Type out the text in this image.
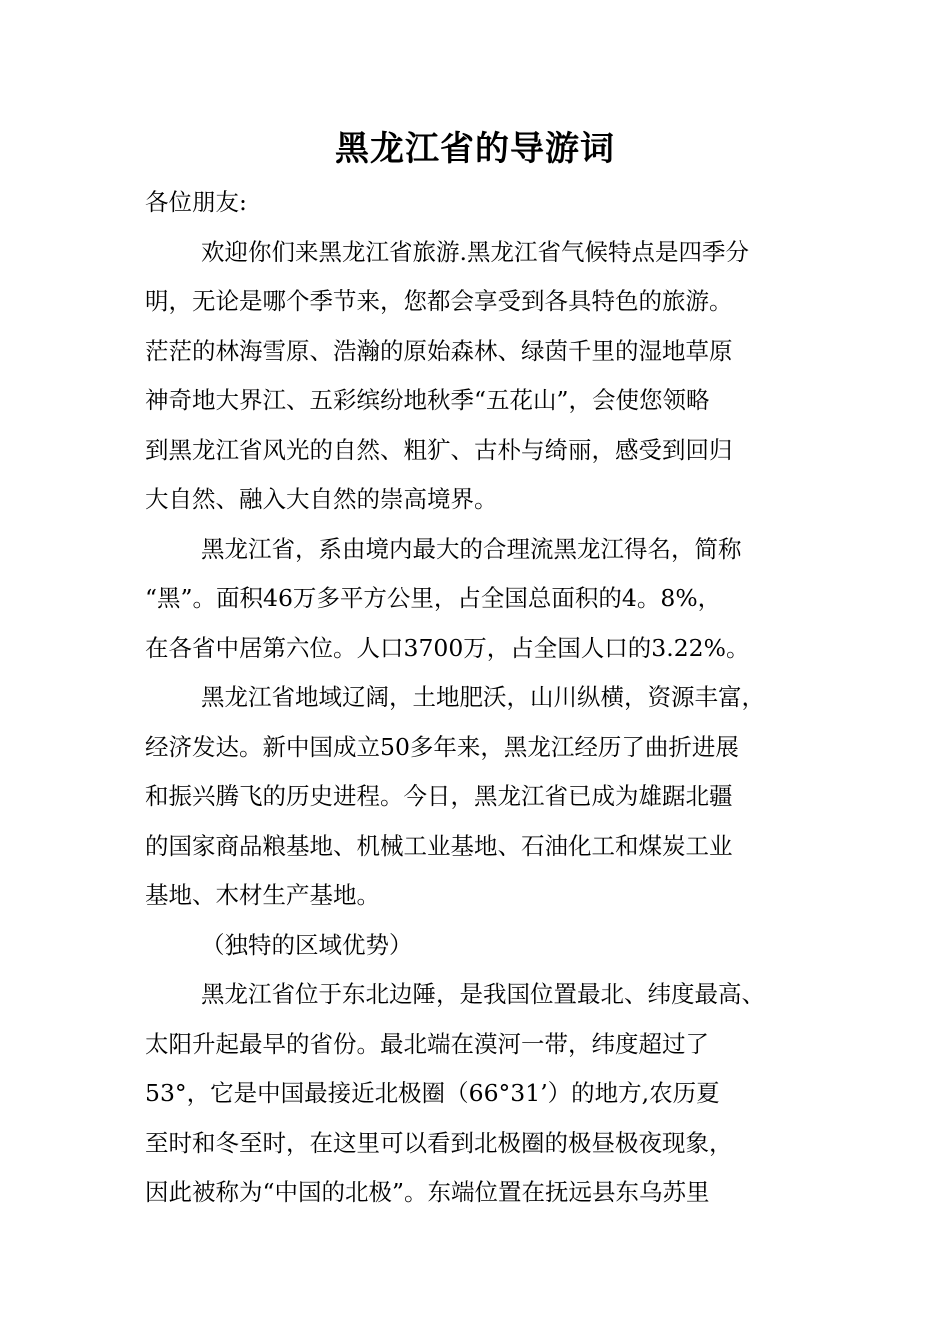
黑龙江省的导游词
各位朋友:
欢迎你们来黑龙江省旅游.黑龙江省气候特点是四季分
明，无论是哪个季节来，您都会享受到各具特色的旅游。
茫茫的林海雪原、浩瀚的原始森林、绿茵千里的湿地草原
神奇地大界江、五彩缤纷地秋季“五花山”，会使您领略
到黑龙江省风光的自然、粗犷、古朴与绮丽，感受到回归
大自然、融入大自然的崇高境界。
黑龙江省，系由境内最大的合理流黑龙江得名，简称
“黑”。面积46万多平方公里，占全国总面积的4。8%，
在各省中居第六位。人口3700万，占全国人口的3.22%。
黑龙江省地域辽阔，土地肥沃，山川纵横，资源丰富，
经济发达。新中国成立50多年来，黑龙江经历了曲折进展
和振兴腾飞的历史进程。今日，黑龙江省已成为雄踞北疆
的国家商品粮基地、机械工业基地、石油化工和煤炭工业
基地、木材生产基地。
（独特的区域优势）
黑龙江省位于东北边陲，是我国位置最北、纬度最高、
太阳升起最早的省份。最北端在漠河一带，纬度超过了
53°，它是中国最接近北极圈（66°31’）的地方,农历夏
至时和冬至时，在这里可以看到北极圈的极昼极夜现象，
因此被称为“中国的北极”。东端位置在抚远县东乌苏里
